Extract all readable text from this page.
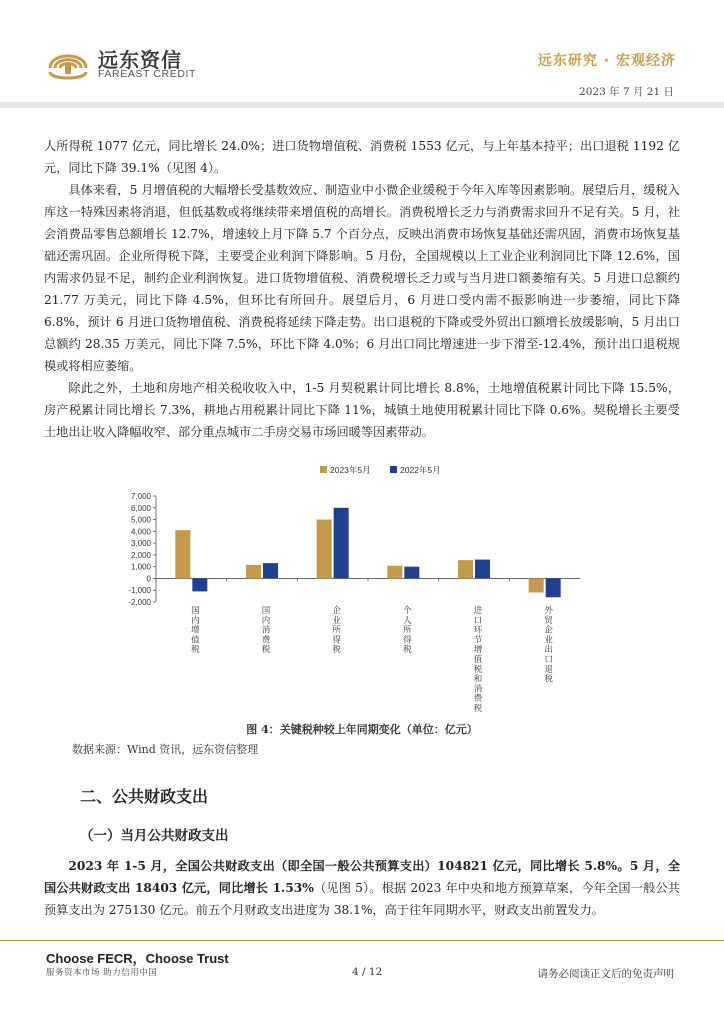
远东资信
FAREAST CREDIT
远东研究 · 宏观经济
2023 年 7 月 21 日

人所得税 1077 亿元，同比增长 24.0%；进口货物增值税、消费税 1553 亿元，与上年基本持平；出口退税 1192 亿元，同比下降 39.1%（见图 4）。

具体来看，5 月增值税的大幅增长受基数效应、制造业中小微企业缓税于今年入库等因素影响。展望后月，缓税入库这一特殊因素将消退，但低基数或将继续带来增值税的高增长。消费税增长乏力与消费需求回升不足有关。5 月，社会消费品零售总额增长 12.7%，增速较上月下降 5.7 个百分点，反映出消费市场恢复基础还需巩固，消费市场恢复基础还需巩固。企业所得税下降，主要受企业利润下降影响。5 月份，全国规模以上工业企业利润同比下降 12.6%，国内需求仍显不足，制约企业利润恢复。进口货物增值税、消费税增长乏力或与当月进口额萎缩有关。5 月进口总额约 21.77 万美元，同比下降 4.5%，但环比有所回升。展望后月，6 月进口受内需不振影响进一步萎缩，同比下降 6.8%，预计 6 月进口货物增值税、消费税将延续下降走势。出口退税的下降或受外贸出口额增长放缓影响，5 月出口总额约 28.35 万美元，同比下降 7.5%，环比下降 4.0%；6 月出口同比增速进一步下滑至-12.4%，预计出口退税规模或将相应萎缩。

除此之外，土地和房地产相关税收收入中，1-5 月契税累计同比增长 8.8%，土地增值税累计同比下降 15.5%，房产税累计同比增长 7.3%，耕地占用税累计同比下降 11%，城镇土地使用税累计同比下降 0.6%。契税增长主要受土地出让收入降幅收窄、部分重点城市二手房交易市场回暖等因素带动。

2023年5月	2022年5月
-2,000
-1,000
0
1,000
2,000
3,000
4,000
5,000
6,000
7,000
国内增值税
国内消费税
企业所得税
个人所得税
进口环节增值税和消费税
外贸企业出口退税
图 4：关键税种较上年同期变化（单位：亿元）
数据来源：Wind 资讯，远东资信整理
二、公共财政支出
（一）当月公共财政支出

2023 年 1-5 月，全国公共财政支出（即全国一般公共预算支出）104821 亿元，同比增长 5.8%。5 月，全国公共财政支出 18403 亿元，同比增长 1.53%（见图 5）。根据 2023 年中央和地方预算草案，今年全国一般公共预算支出为 275130 亿元。前五个月财政支出进度为 38.1%，高于往年同期水平，财政支出前置发力。

Choose FECR，Choose Trust
服务资本市场 助力信用中国	4 / 12	请务必阅读正文后的免责声明
